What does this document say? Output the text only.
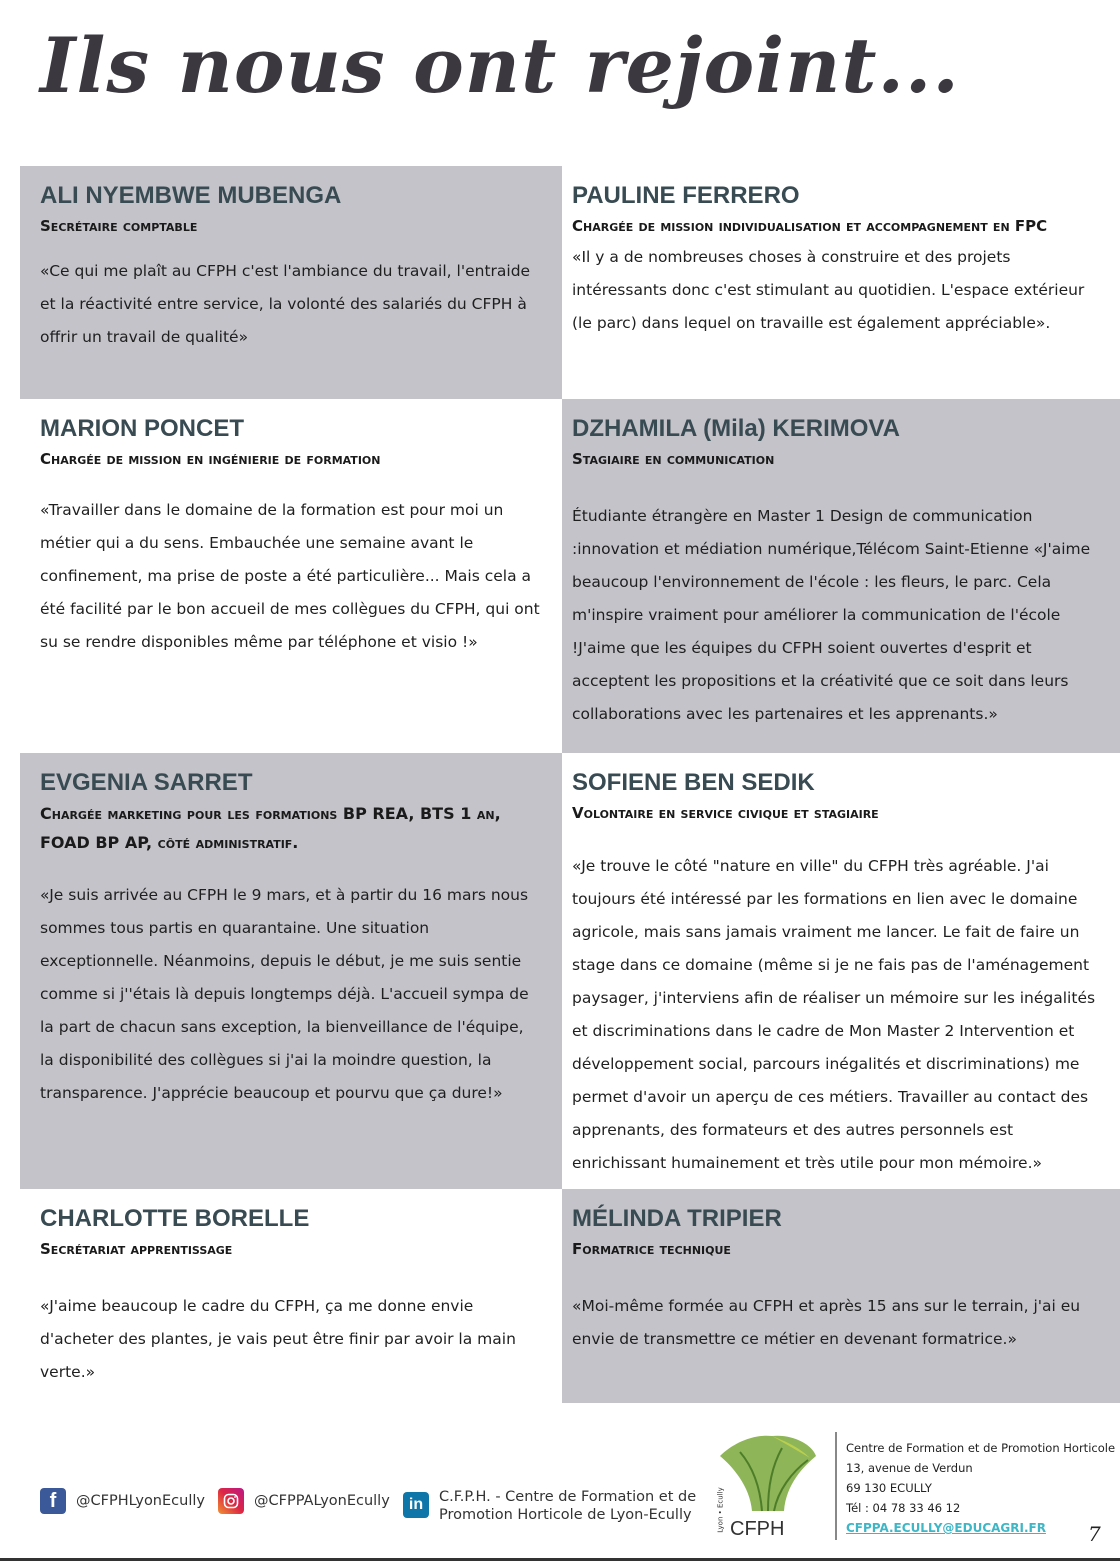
Ils nous ont rejoint...
ALI NYEMBWE MUBENGA
Secrétaire comptable
«Ce qui me plaît au CFPH c'est l'ambiance du travail, l'entraide et la réactivité entre service, la volonté des salariés du CFPH à offrir un travail de qualité»
PAULINE FERRERO
Chargée de mission individualisation et accompagnement en FPC
«Il y a de nombreuses choses à construire et des projets intéressants donc c'est stimulant au quotidien. L'espace extérieur (le parc) dans lequel on travaille est également appréciable».
MARION PONCET
Chargée de mission en ingénierie de formation
«Travailler dans le domaine de la formation est pour moi un métier qui a du sens. Embauchée une semaine avant le confinement, ma prise de poste a été particulière... Mais cela a été facilité par le bon accueil de mes collègues du CFPH, qui ont su se rendre disponibles même par téléphone et visio !»
DZHAMILA (Mila) KERIMOVA
Stagiaire en communication
Étudiante étrangère en Master 1 Design de communication :innovation et médiation numérique,Télécom Saint-Etienne «J'aime beaucoup l'environnement de l'école : les fleurs, le parc. Cela m'inspire vraiment pour améliorer la communication de l'école !J'aime que les équipes du CFPH soient ouvertes d'esprit et acceptent les propositions et la créativité que ce soit dans leurs collaborations avec les partenaires et les apprenants.»
EVGENIA SARRET
Chargée marketing pour les formations BP REA, BTS 1 an, FOAD BP AP, côté administratif.
«Je suis arrivée au CFPH le 9 mars, et à partir du 16 mars nous sommes tous partis en quarantaine. Une situation exceptionnelle. Néanmoins, depuis le début, je me suis sentie comme si j''étais là depuis longtemps déjà. L'accueil sympa de la part de chacun sans exception, la bienveillance de l'équipe, la disponibilité des collègues si j'ai la moindre question, la transparence. J'apprécie beaucoup et pourvu que ça dure!»
SOFIENE BEN SEDIK
Volontaire en service civique et stagiaire
«Je trouve le côté "nature en ville" du CFPH très agréable. J'ai toujours été intéressé par les formations en lien avec le domaine agricole, mais sans jamais vraiment me lancer. Le fait de faire un stage dans ce domaine (même si je ne fais pas de l'aménagement paysager, j'interviens afin de réaliser un mémoire sur les inégalités et discriminations dans le cadre de Mon Master 2 Intervention et développement social, parcours inégalités et discriminations) me permet d'avoir un aperçu de ces métiers. Travailler au contact des apprenants, des formateurs et des autres personnels est enrichissant humainement et très utile pour mon mémoire.»
CHARLOTTE BORELLE
Secrétariat apprentissage
«J'aime beaucoup le cadre du CFPH, ça me donne envie d'acheter des plantes, je vais peut être finir par avoir la main verte.»
MÉLINDA TRIPIER
Formatrice technique
«Moi-même formée au CFPH et après 15 ans sur le terrain, j'ai eu envie de transmettre ce métier en devenant formatrice.»
f	@CFPHLyonEcully	@CFPPALyonEcully	in	C.F.P.H. - Centre de Formation et de Promotion Horticole de Lyon-Ecully
CFPH
Lyon • Ecully
Centre de Formation et de Promotion Horticole
13, avenue de Verdun
69 130 ECULLY
Tél : 04 78 33 46 12
CFPPA.ECULLY@EDUCAGRI.FR	7
